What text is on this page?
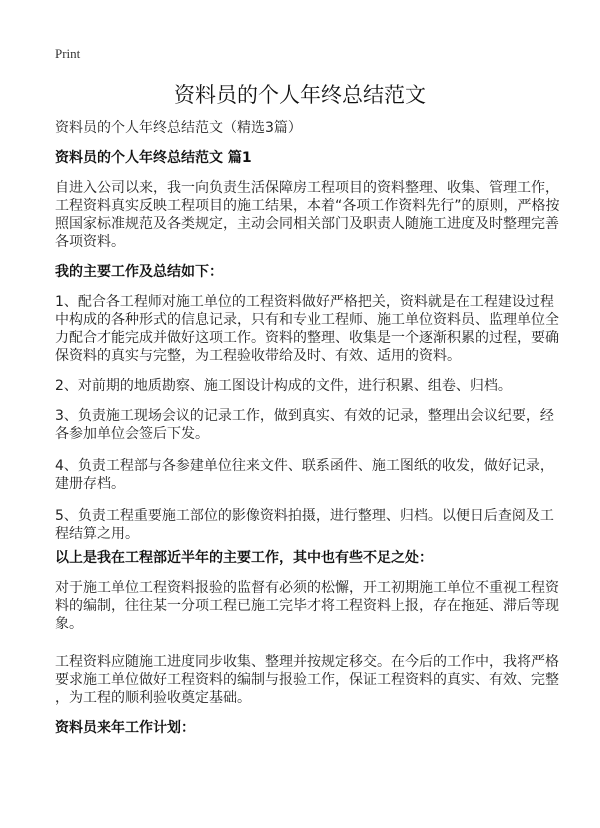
Print
资料员的个人年终总结范文

资料员的个人年终总结范文（精选3篇）

资料员的个人年终总结范文 篇1

自进入公司以来，我一向负责生活保障房工程项目的资料整理、收集、管理工作，
工程资料真实反映工程项目的施工结果，本着“各项工作资料先行”的原则，严格按
照国家标准规范及各类规定，主动会同相关部门及职责人随施工进度及时整理完善
各项资料。

我的主要工作及总结如下：

1、配合各工程师对施工单位的工程资料做好严格把关，资料就是在工程建设过程
中构成的各种形式的信息记录，只有和专业工程师、施工单位资料员、监理单位全
力配合才能完成并做好这项工作。资料的整理、收集是一个逐渐积累的过程，要确
保资料的真实与完整，为工程验收带给及时、有效、适用的资料。

2、对前期的地质勘察、施工图设计构成的文件，进行积累、组卷、归档。

3、负责施工现场会议的记录工作，做到真实、有效的记录，整理出会议纪要，经
各参加单位会签后下发。

4、负责工程部与各参建单位往来文件、联系函件、施工图纸的收发，做好记录，
建册存档。

5、负责工程重要施工部位的影像资料拍摄，进行整理、归档。以便日后查阅及工
程结算之用。

以上是我在工程部近半年的主要工作，其中也有些不足之处：

对于施工单位工程资料报验的监督有必须的松懈，开工初期施工单位不重视工程资
料的编制，往往某一分项工程已施工完毕才将工程资料上报，存在拖延、滞后等现
象。

工程资料应随施工进度同步收集、整理并按规定移交。在今后的工作中，我将严格
要求施工单位做好工程资料的编制与报验工作，保证工程资料的真实、有效、完整
，为工程的顺利验收奠定基础。

资料员来年工作计划：
